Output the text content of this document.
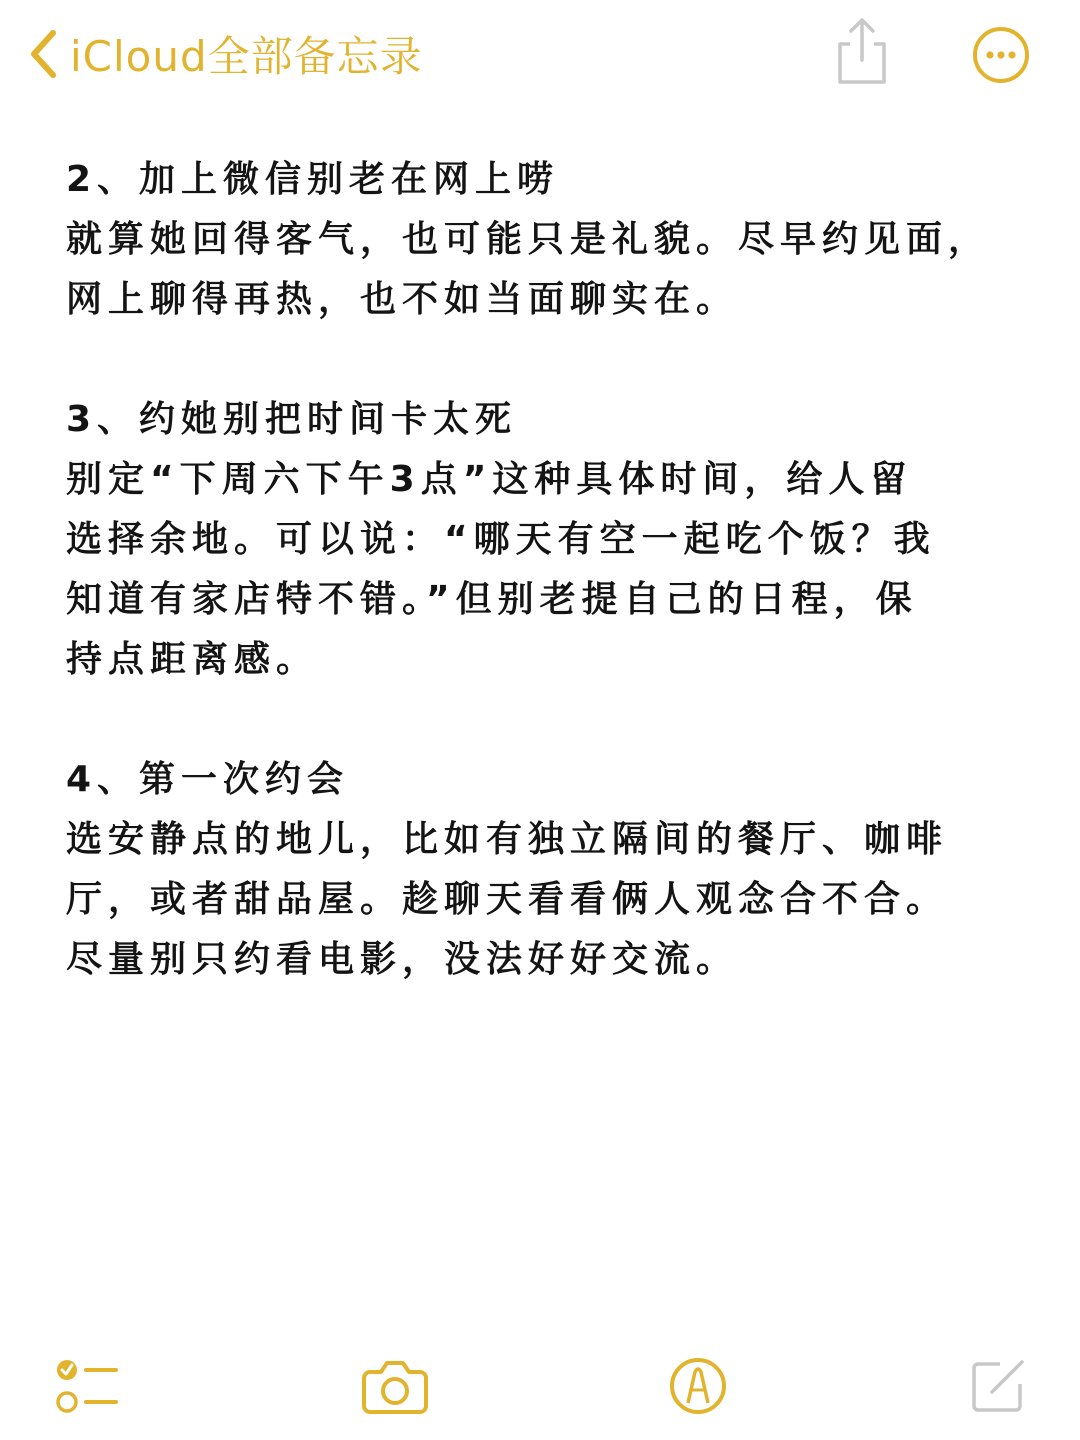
iCloud全部备忘录
2、加上微信别老在网上唠
就算她回得客气，也可能只是礼貌。尽早约见面，
网上聊得再热，也不如当面聊实在。
3、约她别把时间卡太死
别定“下周六下午3点”这种具体时间，给人留
选择余地。可以说：“哪天有空一起吃个饭？我
知道有家店特不错。”但别老提自己的日程，保
持点距离感。
4、第一次约会
选安静点的地儿，比如有独立隔间的餐厅、咖啡
厅，或者甜品屋。趁聊天看看俩人观念合不合。
尽量别只约看电影，没法好好交流。
